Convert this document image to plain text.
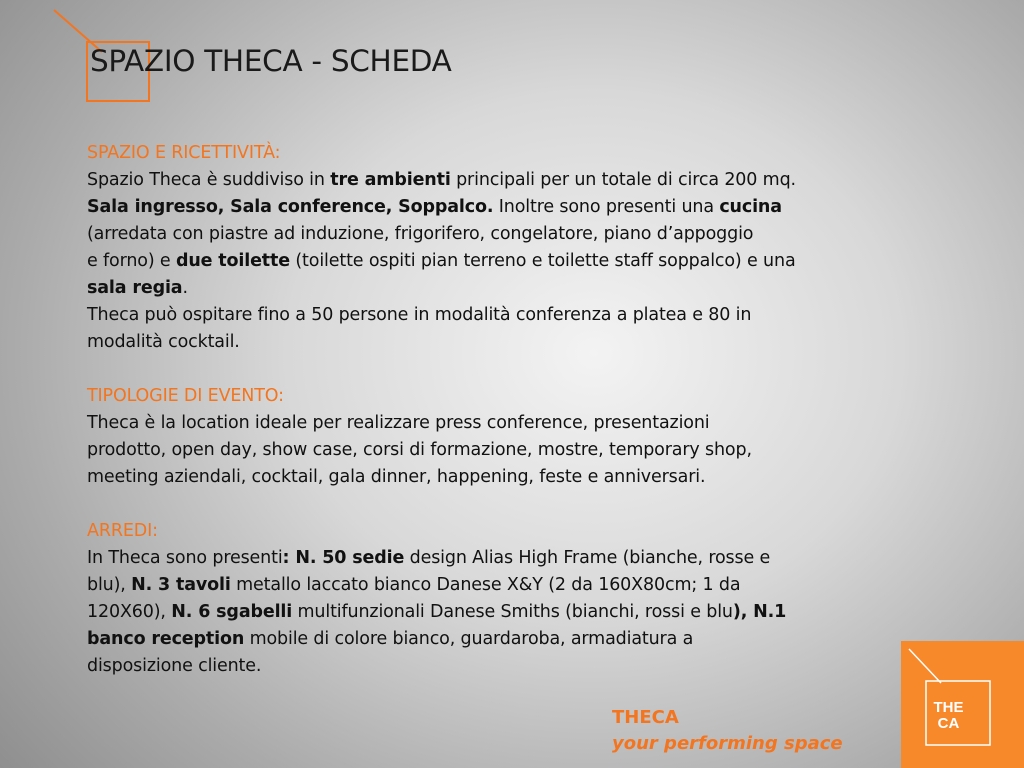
SPAZIO THECA - SCHEDA
SPAZIO E RICETTIVITÀ:
Spazio Theca è suddiviso in tre ambienti principali per un totale di circa 200 mq.
Sala ingresso, Sala conference, Soppalco. Inoltre sono presenti una cucina
(arredata con piastre ad induzione, frigorifero, congelatore, piano d’appoggio
e forno) e due toilette (toilette ospiti pian terreno e toilette staff soppalco) e una
sala regia.
Theca può ospitare fino a 50 persone in modalità conferenza a platea e 80 in
modalità cocktail.
TIPOLOGIE DI EVENTO:
Theca è la location ideale per realizzare press conference, presentazioni
prodotto, open day, show case, corsi di formazione, mostre, temporary shop,
meeting aziendali, cocktail, gala dinner, happening, feste e anniversari.
ARREDI:
In Theca sono presenti: N. 50 sedie design Alias High Frame (bianche, rosse e
blu), N. 3 tavoli metallo laccato bianco Danese X&Y (2 da 160X80cm; 1 da
120X60), N. 6 sgabelli multifunzionali Danese Smiths (bianchi, rossi e blu), N.1
banco reception mobile di colore bianco, guardaroba, armadiatura a
disposizione cliente.
THECA
your performing space
THE
CA
